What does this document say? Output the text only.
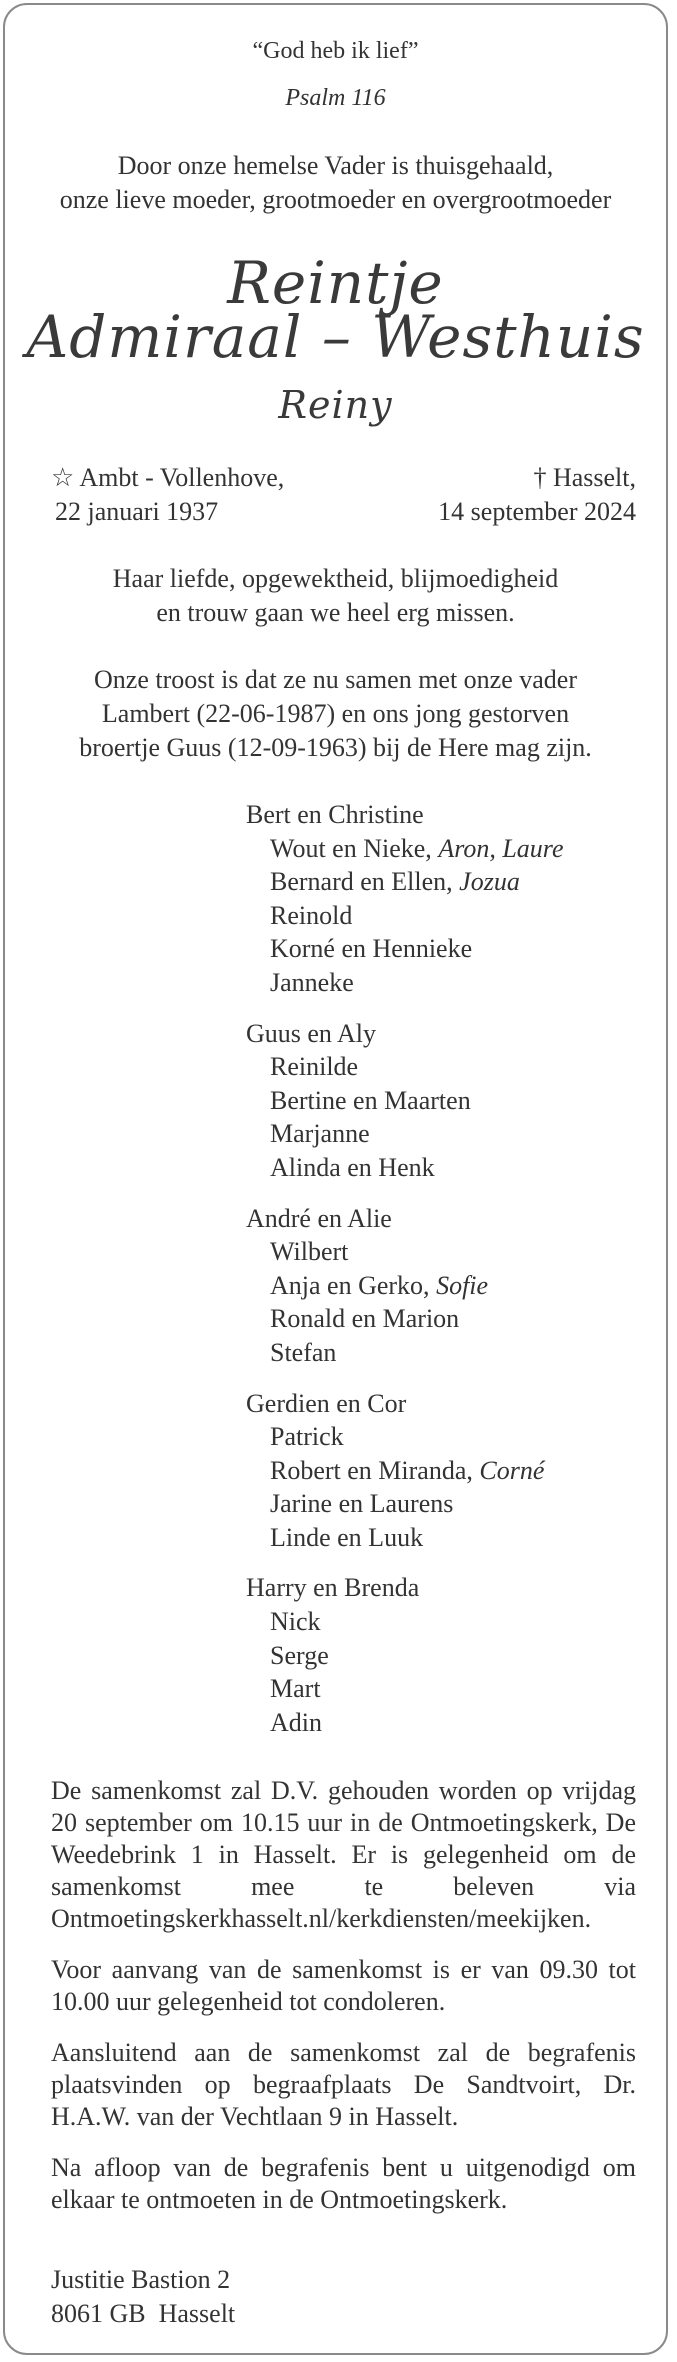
“God heb ik lief”
Psalm 116
Door onze hemelse Vader is thuisgehaald,
onze lieve moeder, grootmoeder en overgrootmoeder
Reintje
Admiraal – Westhuis
Reiny
☆ Ambt - Vollenhove,
22 januari 1937
† Hasselt,
14 september 2024
Haar liefde, opgewektheid, blijmoedigheid
en trouw gaan we heel erg missen.
Onze troost is dat ze nu samen met onze vader
Lambert (22-06-1987) en ons jong gestorven
broertje Guus (12-09-1963) bij de Here mag zijn.
Bert en Christine
Wout en Nieke, Aron, Laure
Bernard en Ellen, Jozua
Reinold
Korné en Hennieke
Janneke
Guus en Aly
Reinilde
Bertine en Maarten
Marjanne
Alinda en Henk
André en Alie
Wilbert
Anja en Gerko, Sofie
Ronald en Marion
Stefan
Gerdien en Cor
Patrick
Robert en Miranda, Corné
Jarine en Laurens
Linde en Luuk
Harry en Brenda
Nick
Serge
Mart
Adin

De samenkomst zal D.V. gehouden worden op vrijdag 20 september om 10.15 uur in de Ontmoetingskerk, De Weedebrink 1 in Hasselt. Er is gelegenheid om de samenkomst mee te beleven via Ontmoetingskerkhasselt.nl/kerkdiensten/meekijken.

Voor aanvang van de samenkomst is er van 09.30 tot 10.00 uur gelegenheid tot condoleren.

Aansluitend aan de samenkomst zal de begrafenis plaatsvinden op begraafplaats De Sandtvoirt, Dr. H.A.W. van der Vechtlaan 9 in Hasselt.

Na afloop van de begrafenis bent u uitgenodigd om elkaar te ontmoeten in de Ontmoetingskerk.

Justitie Bastion 2
8061 GB  Hasselt
